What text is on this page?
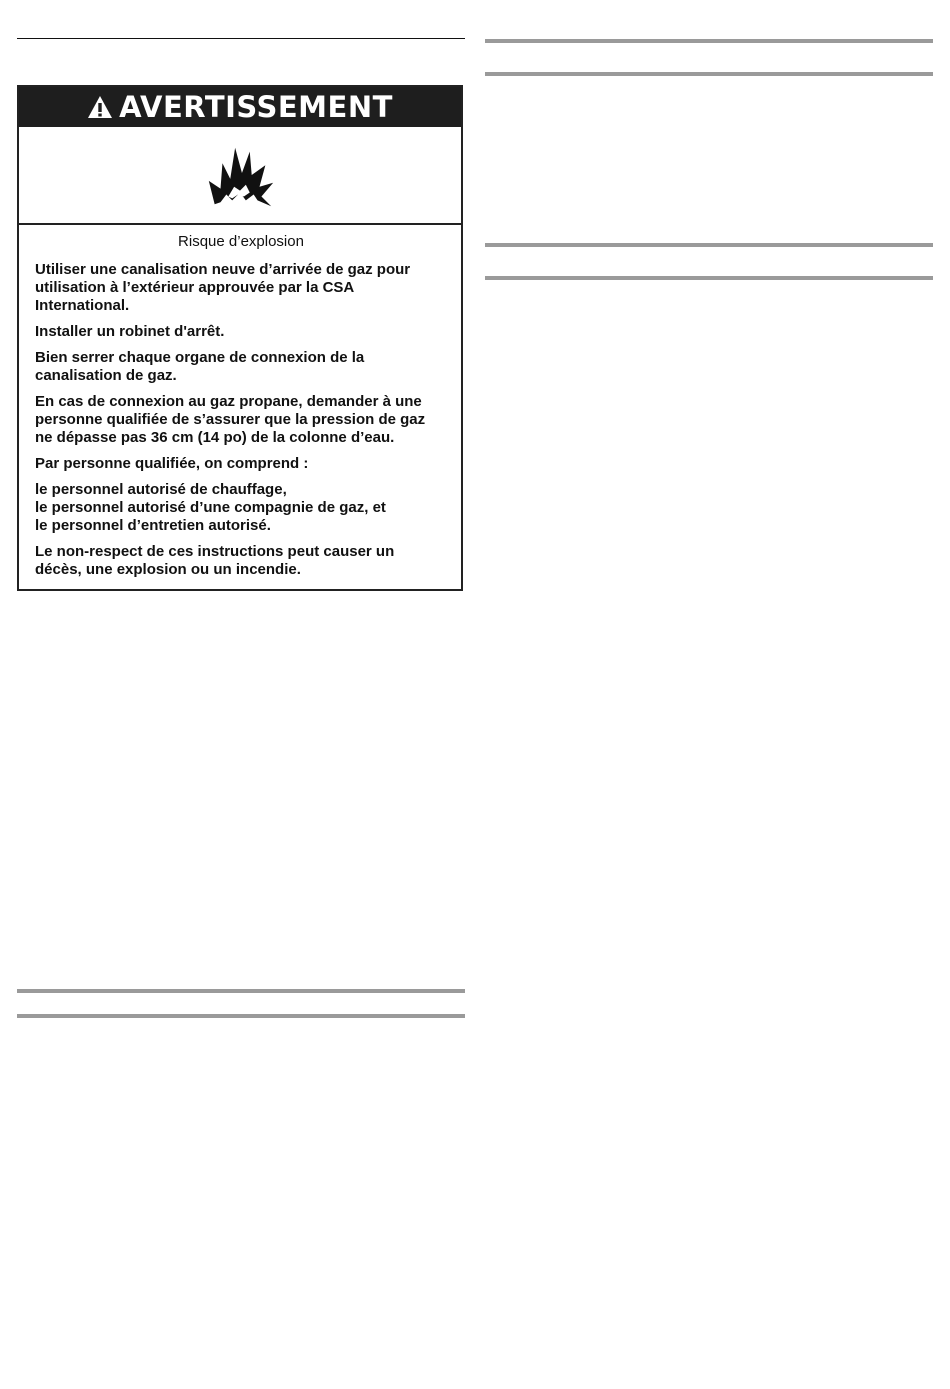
AVERTISSEMENT
Risque d’explosion
Utiliser une canalisation neuve d’arrivée de gaz pour
utilisation à l’extérieur approuvée par la CSA
International.
Installer un robinet d'arrêt.
Bien serrer chaque organe de connexion de la
canalisation de gaz.
En cas de connexion au gaz propane, demander à une
personne qualifiée de s’assurer que la pression de gaz
ne dépasse pas 36 cm (14 po) de la colonne d’eau.
Par personne qualifiée, on comprend :
le personnel autorisé de chauffage,
le personnel autorisé d’une compagnie de gaz, et
le personnel d’entretien autorisé.
Le non-respect de ces instructions peut causer un
décès, une explosion ou un incendie.
